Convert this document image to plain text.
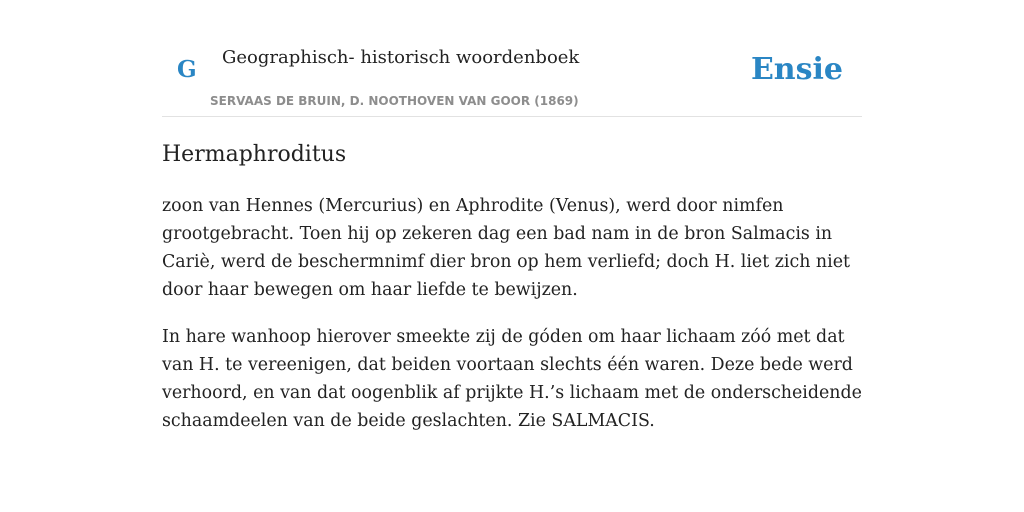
G Geographisch- historisch woordenboek
SERVAAS DE BRUIN, D. NOOTHOVEN VAN GOOR (1869)
Ensie
Hermaphroditus

zoon van Hennes (Mercurius) en Aphrodite (Venus), werd door nimfen grootgebracht. Toen hij op zekeren dag een bad nam in de bron Salmacis in Cariè, werd de beschermnimf dier bron op hem verliefd; doch H. liet zich niet door haar bewegen om haar liefde te bewijzen.

In hare wanhoop hierover smeekte zij de góden om haar lichaam zóó met dat van H. te vereenigen, dat beiden voortaan slechts één waren. Deze bede werd verhoord, en van dat oogenblik af prijkte H.’s lichaam met de onderscheidende schaamdeelen van de beide geslachten. Zie SALMACIS.
